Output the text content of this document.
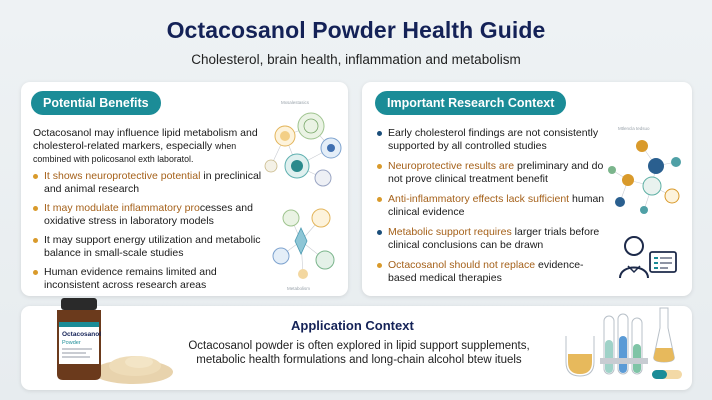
Octacosanol Powder Health Guide
Cholesterol, brain health, inflammation and metabolism
Potential Benefits
Octacosanol may influence lipid metabolism and cholesterol-related markers, especially when combined with policosanol exth laboratol.
It shows neuroprotective potential in preclinical and animal research
It may modulate inflammatory processes and oxidative stress in laboratory models
It may support energy utilization and metabolic balance in small-scale studies
Human evidence remains limited and inconsistent across research areas
Mxsalestasics
Metabolism
Important Research Context
Early cholesterol findings are not consistently supported by all controlled studies
Neuroprotective results are preliminary and do not prove clinical treatment benefit
Anti-inflammatory effects lack sufficient human clinical evidence
Metabolic support requires larger trials before clinical conclusions can be drawn
Octacosanol should not replace evidence-based medical therapies
Mtlencla tedsuo
Octacosanol
Powder
Application Context
Octacosanol powder is often explored in lipid support supplements, metabolic health formulations and long-chain alcohol btew ituels
